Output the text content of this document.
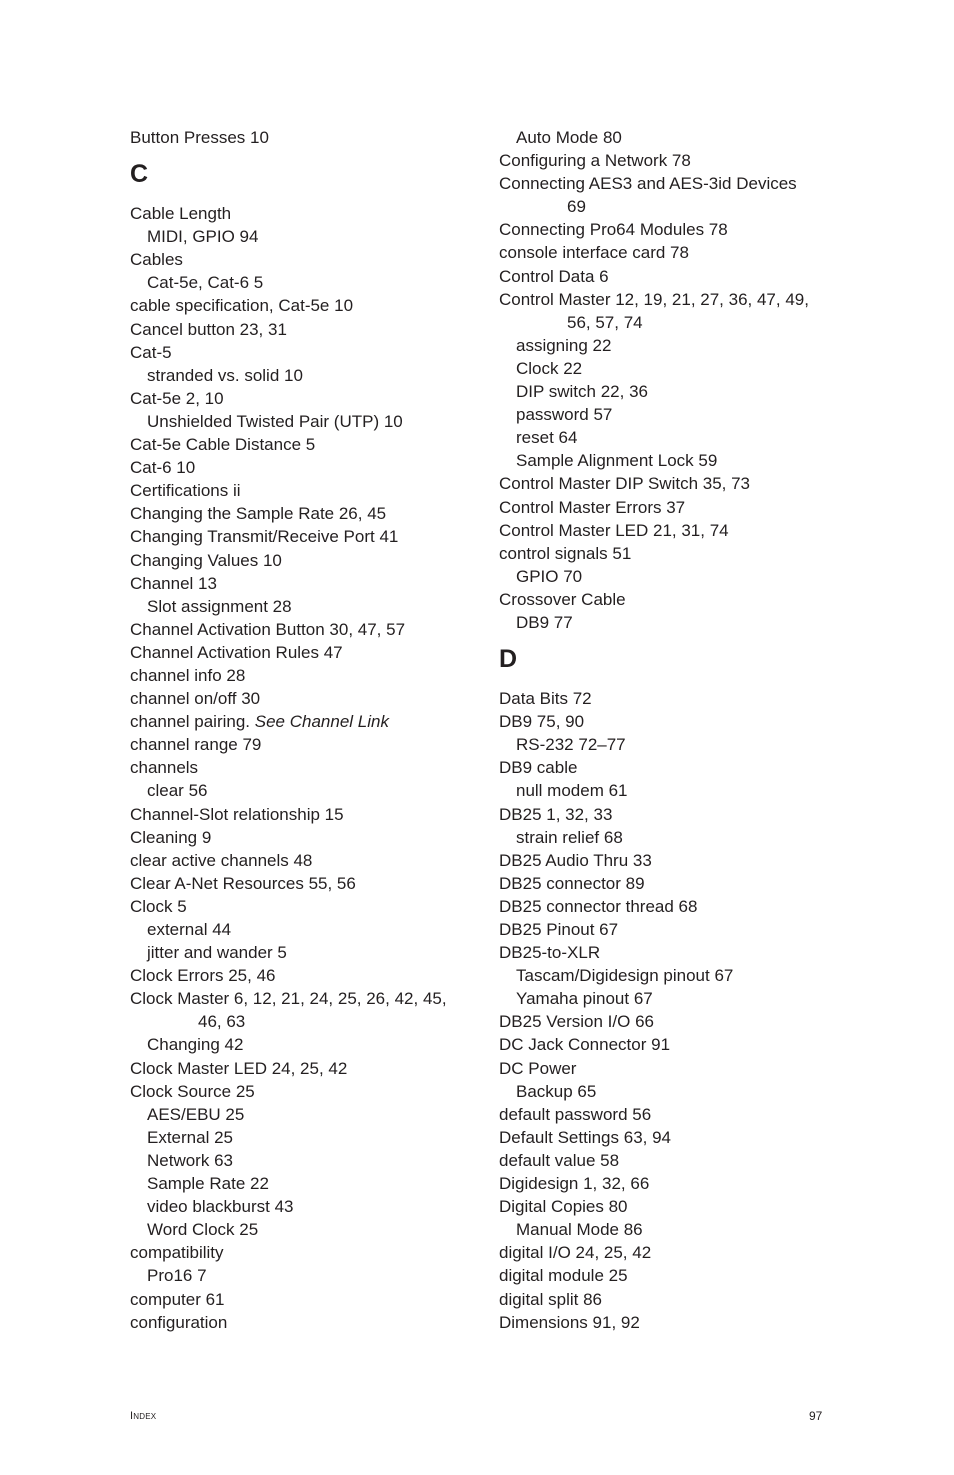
Button Presses 10
C
Cable Length
MIDI, GPIO 94
Cables
Cat-5e, Cat-6 5
cable specification, Cat-5e 10
Cancel button 23, 31
Cat-5
stranded vs. solid 10
Cat-5e 2, 10
Unshielded Twisted Pair (UTP) 10
Cat-5e Cable Distance 5
Cat-6 10
Certifications ii
Changing the Sample Rate 26, 45
Changing Transmit/Receive Port 41
Changing Values 10
Channel 13
Slot assignment 28
Channel Activation Button 30, 47, 57
Channel Activation Rules 47
channel info 28
channel on/off 30
channel pairing. See Channel Link
channel range 79
channels
clear 56
Channel-Slot relationship 15
Cleaning 9
clear active channels 48
Clear A-Net Resources 55, 56
Clock 5
external 44
jitter and wander 5
Clock Errors 25, 46
Clock Master 6, 12, 21, 24, 25, 26, 42, 45,
46, 63
Changing 42
Clock Master LED 24, 25, 42
Clock Source 25
AES/EBU 25
External 25
Network 63
Sample Rate 22
video blackburst 43
Word Clock 25
compatibility
Pro16 7
computer 61
configuration
Auto Mode 80
Configuring a Network 78
Connecting AES3 and AES-3id Devices
69
Connecting Pro64 Modules 78
console interface card 78
Control Data 6
Control Master 12, 19, 21, 27, 36, 47, 49,
56, 57, 74
assigning 22
Clock 22
DIP switch 22, 36
password 57
reset 64
Sample Alignment Lock 59
Control Master DIP Switch 35, 73
Control Master Errors 37
Control Master LED 21, 31, 74
control signals 51
GPIO 70
Crossover Cable
DB9 77
D
Data Bits 72
DB9 75, 90
RS-232 72–77
DB9 cable
null modem 61
DB25 1, 32, 33
strain relief 68
DB25 Audio Thru 33
DB25 connector 89
DB25 connector thread 68
DB25 Pinout 67
DB25-to-XLR
Tascam/Digidesign pinout 67
Yamaha pinout 67
DB25 Version I/O 66
DC Jack Connector 91
DC Power
Backup 65
default password 56
Default Settings 63, 94
default value 58
Digidesign 1, 32, 66
Digital Copies 80
Manual Mode 86
digital I/O 24, 25, 42
digital module 25
digital split 86
Dimensions 91, 92
Index	97
